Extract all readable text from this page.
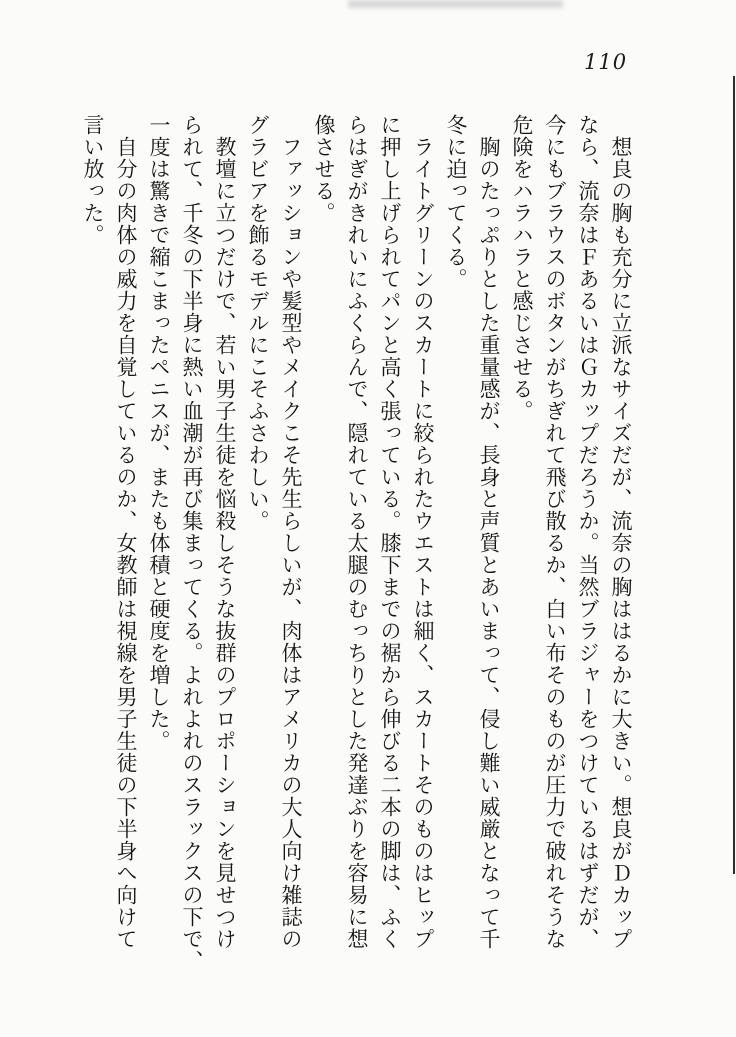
110
　想良の胸も充分に立派なサイズだが、流奈の胸ははるかに大きい。想良がＤカップ
なら、流奈はＦあるいはＧカップだろうか。当然ブラジャーをつけているはずだが、
今にもブラウスのボタンがちぎれて飛び散るか、白い布そのものが圧力で破れそうな
危険をハラハラと感じさせる。
　胸のたっぷりとした重量感が、長身と声質とあいまって、侵し難い威厳となって千
冬に迫ってくる。
　ライトグリーンのスカートに絞られたウエストは細く、スカートそのものはヒップ
に押し上げられてパンと高く張っている。膝下までの裾から伸びる二本の脚は、ふく
らはぎがきれいにふくらんで、隠れている太腿のむっちりとした発達ぶりを容易に想
像させる。
　ファッションや髪型やメイクこそ先生らしいが、肉体はアメリカの大人向け雑誌の
グラビアを飾るモデルにこそふさわしい。
　教壇に立つだけで、若い男子生徒を悩殺しそうな抜群のプロポーションを見せつけ
られて、千冬の下半身に熱い血潮が再び集まってくる。よれよれのスラックスの下で、
一度は驚きで縮こまったペニスが、またも体積と硬度を増した。
　自分の肉体の威力を自覚しているのか、女教師は視線を男子生徒の下半身へ向けて
言い放った。
